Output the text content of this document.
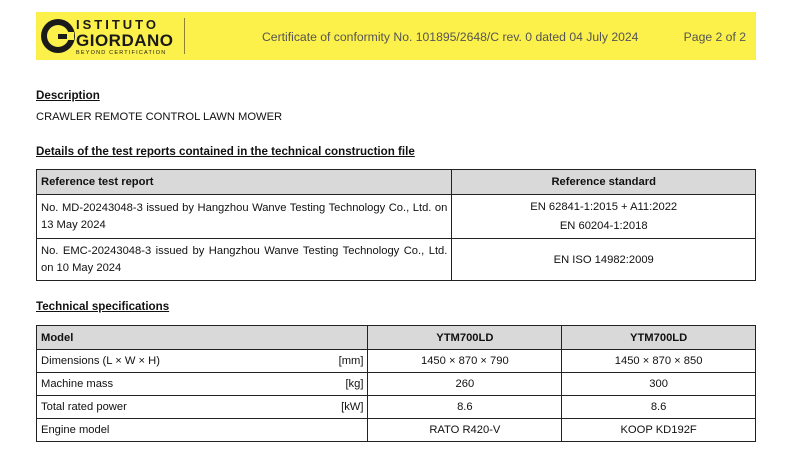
ISTITUTO
GIORDANO
BEYOND CERTIFICATION
Certificate of conformity No. 101895/2648/C rev. 0 dated 04 July 2024	Page 2 of 2
Description
CRAWLER REMOTE CONTROL LAWN MOWER
Details of the test reports contained in the technical construction file
Reference test report	Reference standard
No. MD-20243048-3 issued by Hangzhou Wanve Testing Technology Co., Ltd. on 13 May 2024	EN 62841-1:2015 + A11:2022
EN 60204-1:2018

No. EMC-20243048-3 issued by Hangzhou Wanve Testing Technology Co., Ltd. on 10 May 2024	EN ISO 14982:2009
Technical specifications
Model	YTM700LD	YTM700LD
Dimensions (L × W × H) [mm]	1450 × 870 × 790	1450 × 870 × 850
Machine mass [kg]	260	300
Total rated power [kW]	8.6	8.6
Engine model	RATO R420-V	KOOP KD192F
